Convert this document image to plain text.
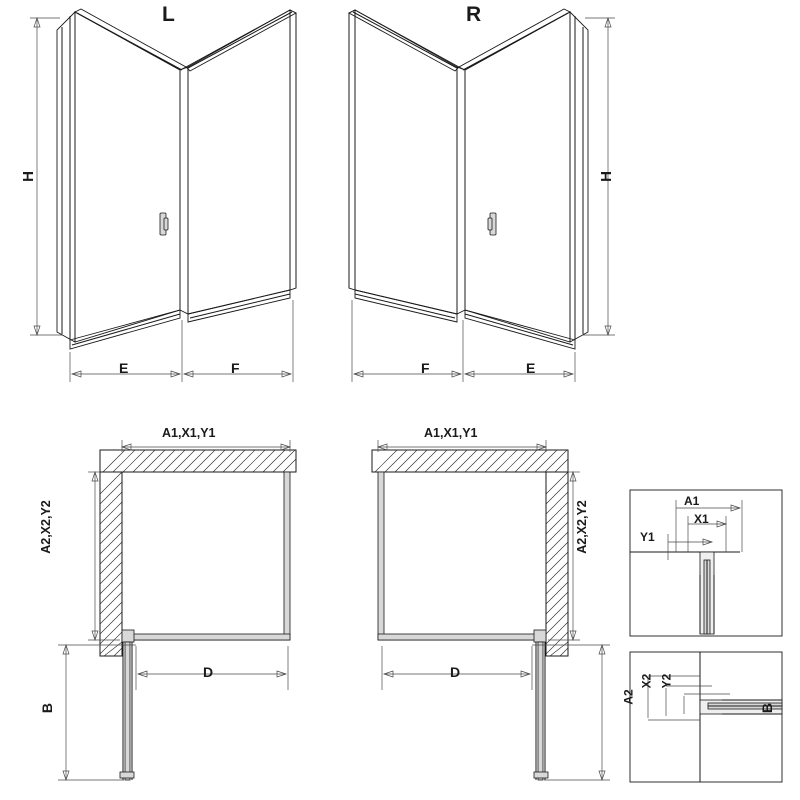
L	R
H	H
E	F	F	E
A1,X1,Y1	A1,X1,Y1
A2,X2,Y2	A2,X2,Y2
D	D
B	B
A1
X1
Y1
A2
X2 Y2
